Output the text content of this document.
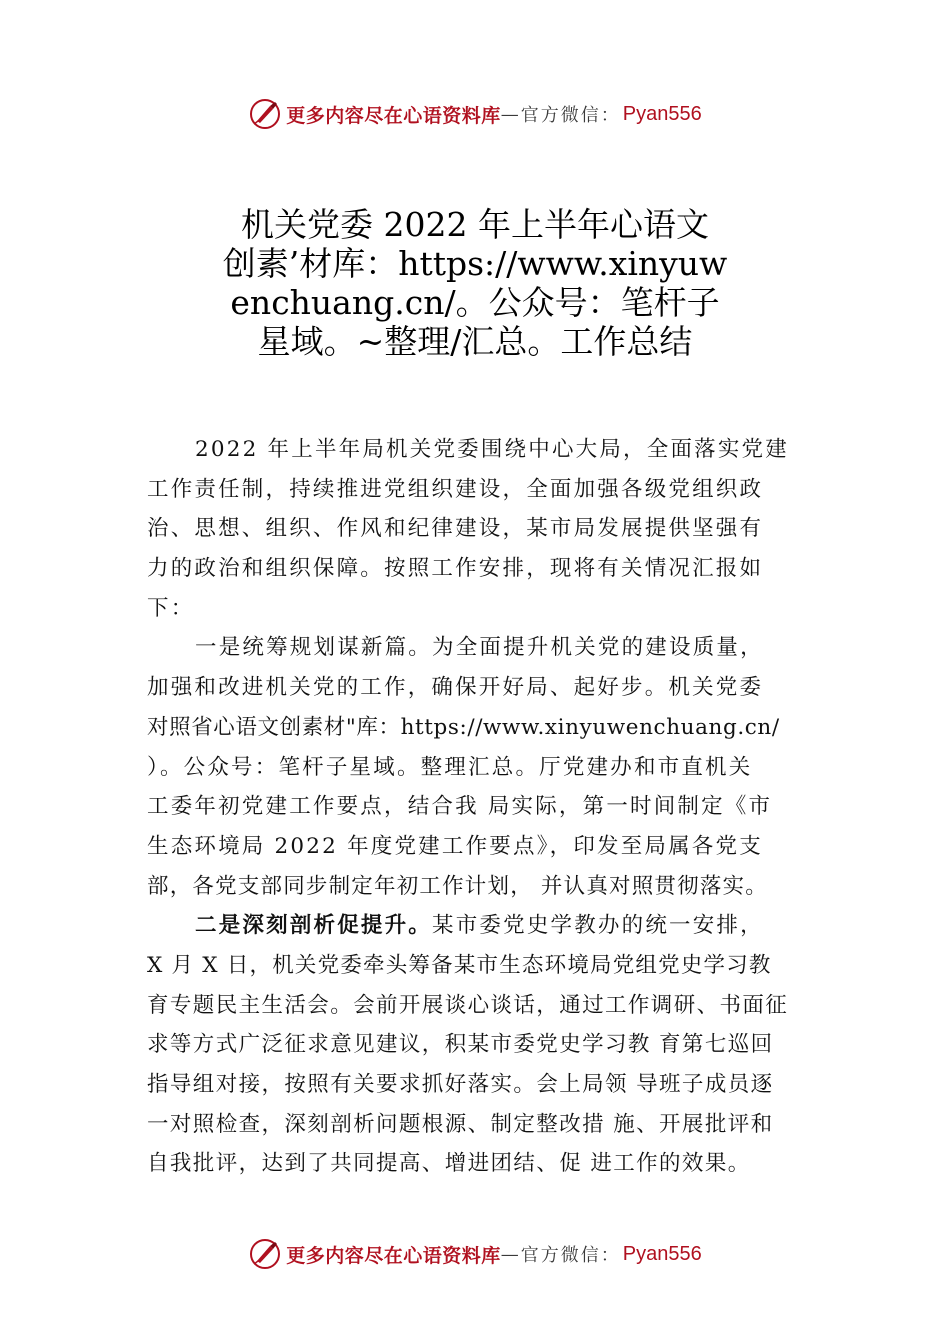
更多内容尽在心语资料库 — 官方微信： Pyan556
机关党委 2022 年上半年心语文
创素’材库：https://www.xinyuw
enchuang.cn/。公众号：笔杆子
星域。~整理/汇总。工作总结
2022 年上半年局机关党委围绕中心大局，全面落实党建
工作责任制，持续推进党组织建设，全面加强各级党组织政
治、思想、组织、作风和纪律建设，某市局发展提供坚强有
力的政治和组织保障。按照工作安排，现将有关情况汇报如
下：
一是统筹规划谋新篇。为全面提升机关党的建设质量，
加强和改进机关党的工作，确保开好局、起好步。机关党委
对照省心语文创素材"库：https://www.xinyuwenchuang.cn/
）。公众号：笔杆子星域。整理汇总。厅党建办和市直机关
工委年初党建工作要点，结合我 局实际，第一时间制定《市
生态环境局 2022 年度党建工作要点》，印发至局属各党支
部，各党支部同步制定年初工作计划， 并认真对照贯彻落实。
二是深刻剖析促提升。某市委党史学教办的统一安排，
X 月 X 日，机关党委牵头筹备某市生态环境局党组党史学习教
育专题民主生活会。会前开展谈心谈话，通过工作调研、书面征
求等方式广泛征求意见建议，积某市委党史学习教 育第七巡回
指导组对接，按照有关要求抓好落实。会上局领 导班子成员逐
一对照检查，深刻剖析问题根源、制定整改措 施、开展批评和
自我批评，达到了共同提高、增进团结、促 进工作的效果。
更多内容尽在心语资料库 — 官方微信： Pyan556
